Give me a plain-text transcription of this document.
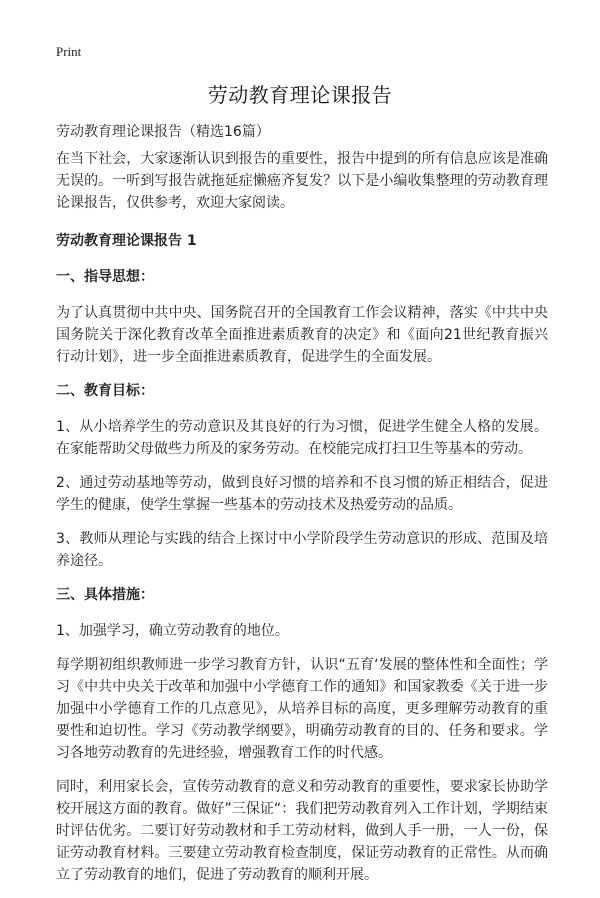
Print
劳动教育理论课报告
劳动教育理论课报告（精选16篇）

在当下社会，大家逐渐认识到报告的重要性，报告中提到的所有信息应该是准确无误的。一听到写报告就拖延症懒癌齐复发？以下是小编收集整理的劳动教育理论课报告，仅供参考，欢迎大家阅读。

劳动教育理论课报告 1

一、指导思想：

为了认真贯彻中共中央、国务院召开的全国教育工作会议精神，落实《中共中央国务院关于深化教育改革全面推进素质教育的决定》和《面向21世纪教育振兴行动计划》，进一步全面推进素质教育，促进学生的全面发展。

二、教育目标：

1、从小培养学生的劳动意识及其良好的行为习惯，促进学生健全人格的发展。在家能帮助父母做些力所及的家务劳动。在校能完成打扫卫生等基本的劳动。

2、通过劳动基地等劳动，做到良好习惯的培养和不良习惯的矫正相结合，促进学生的健康，使学生掌握一些基本的劳动技术及热爱劳动的品质。

3、教师从理论与实践的结合上探讨中小学阶段学生劳动意识的形成、范围及培养途径。

三、具体措施：

1、加强学习，确立劳动教育的地位。

每学期初组织教师进一步学习教育方针，认识“五育‘发展的整体性和全面性；学习《中共中央关于改革和加强中小学德育工作的通知》和国家教委《关于进一步加强中小学德育工作的几点意见》，从培养目标的高度，更多理解劳动教育的重要性和迫切性。学习《劳动教学纲要》，明确劳动教育的目的、任务和要求。学习各地劳动教育的先进经验，增强教育工作的时代感。

同时，利用家长会，宣传劳动教育的意义和劳动教育的重要性，要求家长协助学校开展这方面的教育。做好”三保证“：我们把劳动教育列入工作计划，学期结束时评估优劣。二要订好劳动教材和手工劳动材料，做到人手一册，一人一份，保证劳动教育材料。三要建立劳动教育检查制度，保证劳动教育的正常性。从而确立了劳动教育的地们，促进了劳动教育的顺利开展。
